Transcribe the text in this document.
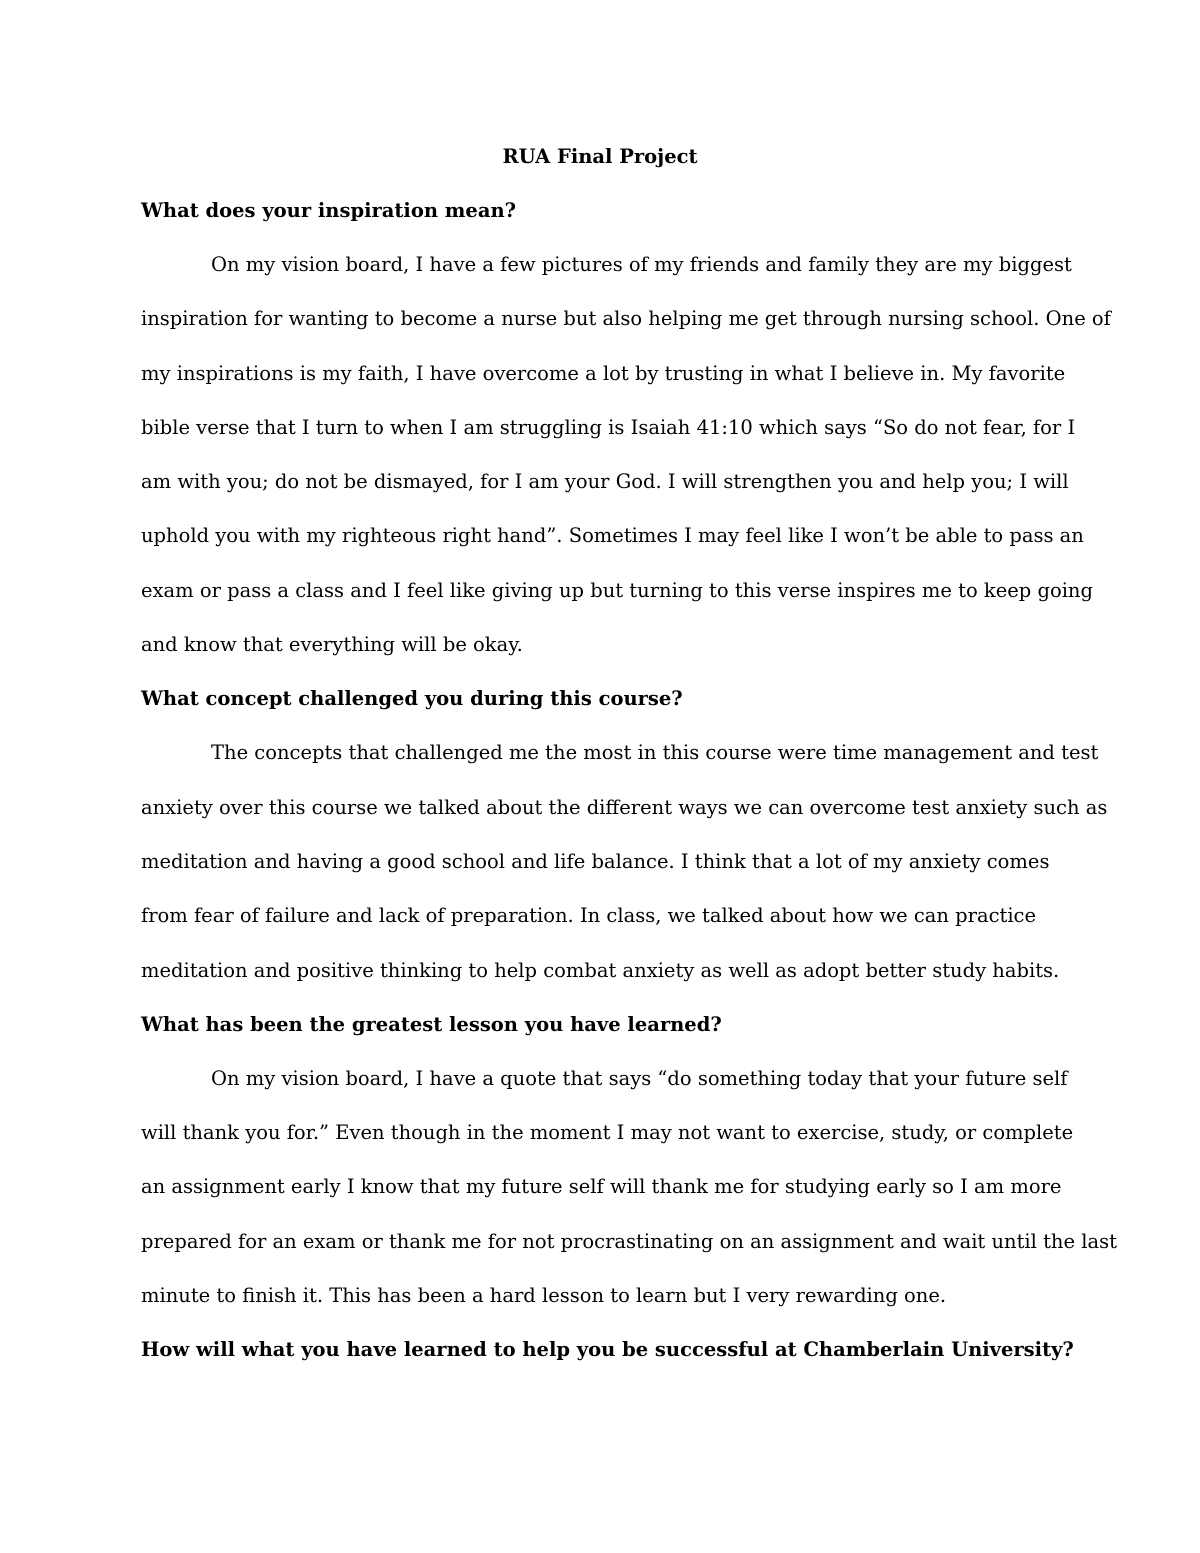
RUA Final Project
What does your inspiration mean?

On my vision board, I have a few pictures of my friends and family they are my biggest
inspiration for wanting to become a nurse but also helping me get through nursing school. One of
my inspirations is my faith, I have overcome a lot by trusting in what I believe in. My favorite
bible verse that I turn to when I am struggling is Isaiah 41:10 which says “So do not fear, for I
am with you; do not be dismayed, for I am your God. I will strengthen you and help you; I will
uphold you with my righteous right hand”. Sometimes I may feel like I won’t be able to pass an
exam or pass a class and I feel like giving up but turning to this verse inspires me to keep going
and know that everything will be okay.

What concept challenged you during this course?

The concepts that challenged me the most in this course were time management and test
anxiety over this course we talked about the different ways we can overcome test anxiety such as
meditation and having a good school and life balance. I think that a lot of my anxiety comes
from fear of failure and lack of preparation. In class, we talked about how we can practice
meditation and positive thinking to help combat anxiety as well as adopt better study habits.

What has been the greatest lesson you have learned?

On my vision board, I have a quote that says “do something today that your future self
will thank you for.” Even though in the moment I may not want to exercise, study, or complete
an assignment early I know that my future self will thank me for studying early so I am more
prepared for an exam or thank me for not procrastinating on an assignment and wait until the last
minute to finish it. This has been a hard lesson to learn but I very rewarding one.

How will what you have learned to help you be successful at Chamberlain University?
